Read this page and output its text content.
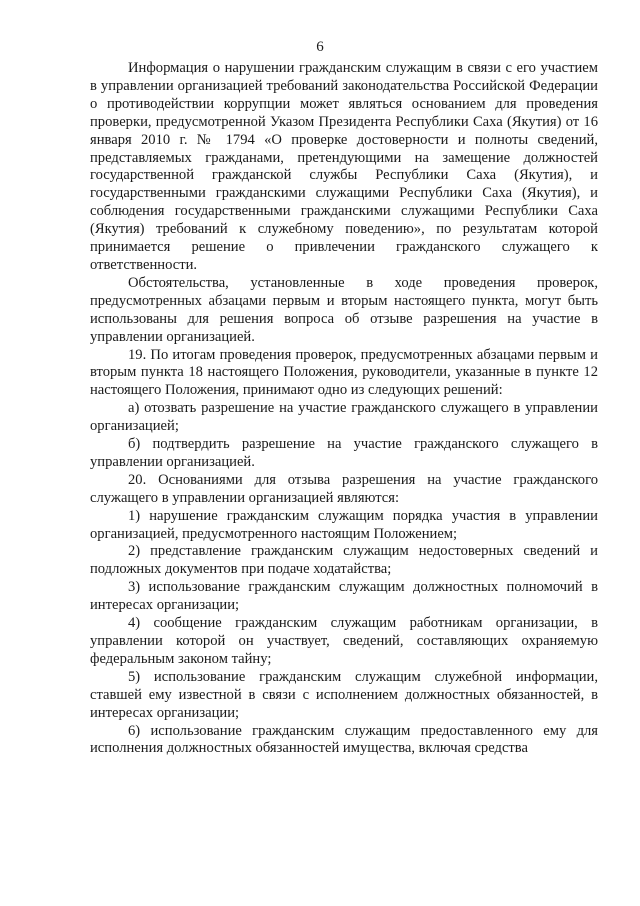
6

Информация о нарушении гражданским служащим в связи с его участием в управлении организацией требований законодательства Российской Федерации о противодействии коррупции может являться основанием для проведения проверки, предусмотренной Указом Президента Республики Саха (Якутия) от 16 января 2010 г. № 1794 «О проверке достоверности и полноты сведений, представляемых гражданами, претендующими на замещение должностей государственной гражданской службы Республики Саха (Якутия), и государственными гражданскими служащими Республики Саха (Якутия), и соблюдения государственными гражданскими служащими Республики Саха (Якутия) требований к служебному поведению», по результатам которой принимается решение о привлечении гражданского служащего к ответственности.

Обстоятельства, установленные в ходе проведения проверок, предусмотренных абзацами первым и вторым настоящего пункта, могут быть использованы для решения вопроса об отзыве разрешения на участие в управлении организацией.

19. По итогам проведения проверок, предусмотренных абзацами первым и вторым пункта 18 настоящего Положения, руководители, указанные в пункте 12 настоящего Положения, принимают одно из следующих решений:

а) отозвать разрешение на участие гражданского служащего в управлении организацией;

б) подтвердить разрешение на участие гражданского служащего в управлении организацией.

20. Основаниями для отзыва разрешения на участие гражданского служащего в управлении организацией являются:

1) нарушение гражданским служащим порядка участия в управлении организацией, предусмотренного настоящим Положением;

2) представление гражданским служащим недостоверных сведений и подложных документов при подаче ходатайства;

3) использование гражданским служащим должностных полномочий в интересах организации;

4) сообщение гражданским служащим работникам организации, в управлении которой он участвует, сведений, составляющих охраняемую федеральным законом тайну;

5) использование гражданским служащим служебной информации, ставшей ему известной в связи с исполнением должностных обязанностей, в интересах организации;

6) использование гражданским служащим предоставленного ему для исполнения должностных обязанностей имущества, включая средства
